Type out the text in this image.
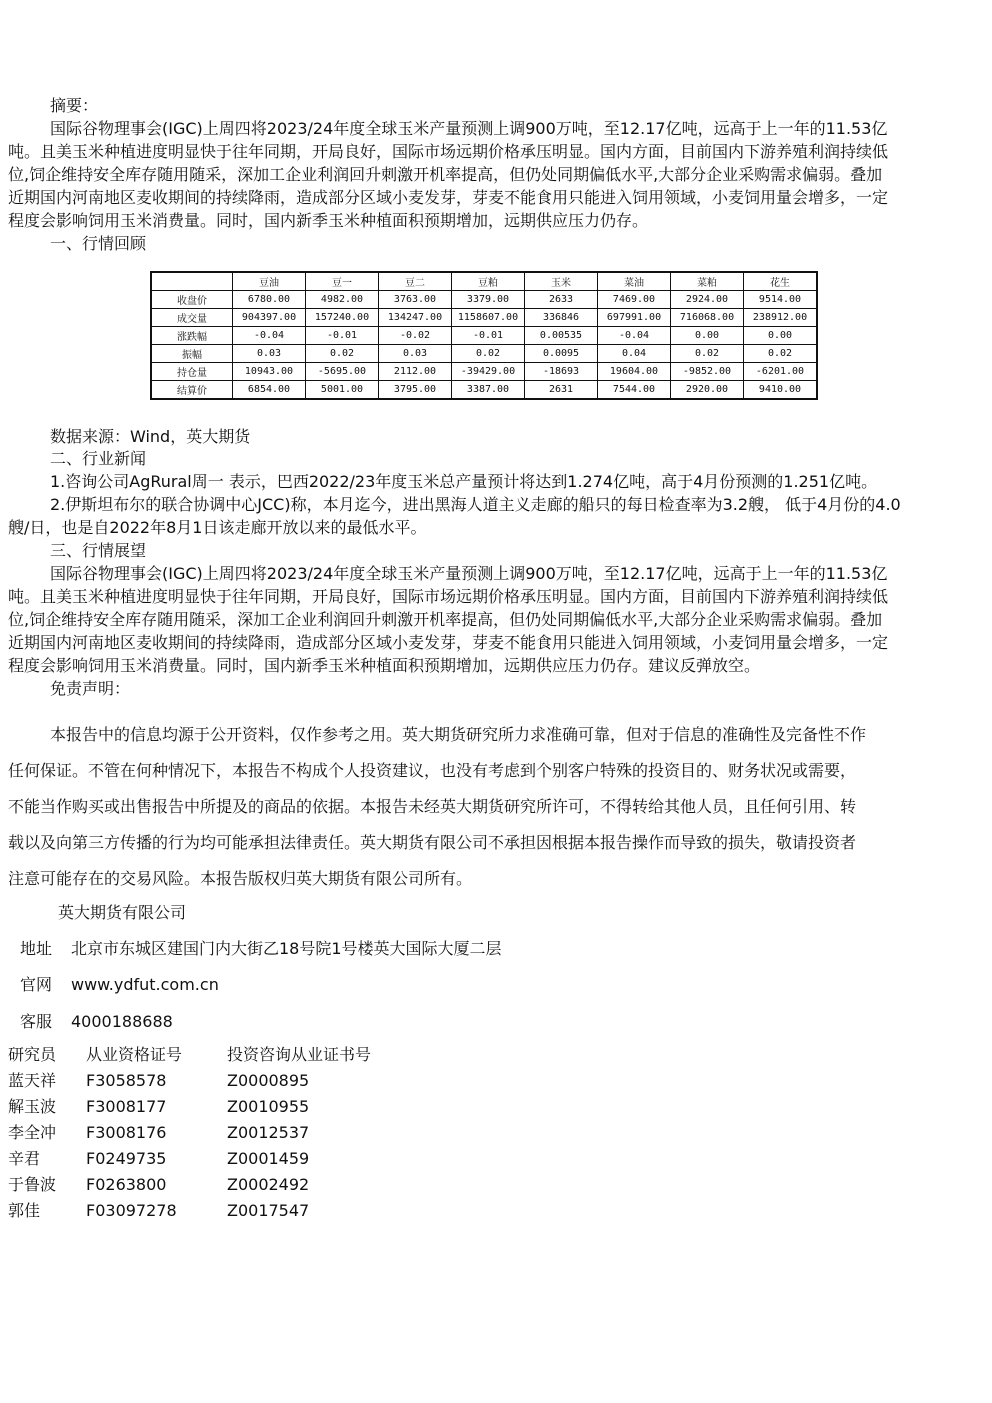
摘要：
国际谷物理事会(IGC)上周四将2023/24年度全球玉米产量预测上调900万吨，至12.17亿吨，远高于上一年的11.53亿
吨。且美玉米种植进度明显快于往年同期，开局良好，国际市场远期价格承压明显。国内方面，目前国内下游养殖利润持续低
位,饲企维持安全库存随用随采，深加工企业利润回升刺激开机率提高，但仍处同期偏低水平,大部分企业采购需求偏弱。叠加
近期国内河南地区麦收期间的持续降雨，造成部分区域小麦发芽，芽麦不能食用只能进入饲用领域，小麦饲用量会增多，一定
程度会影响饲用玉米消费量。同时，国内新季玉米种植面积预期增加，远期供应压力仍存。
一、行情回顾
	豆油	豆一	豆二	豆粕	玉米	菜油	菜粕	花生
收盘价	6780.00	4982.00	3763.00	3379.00	2633	7469.00	2924.00	9514.00
成交量	904397.00	157240.00	134247.00	1158607.00	336846	697991.00	716068.00	238912.00
涨跌幅	-0.04	-0.01	-0.02	-0.01	0.00535	-0.04	0.00	0.00
振幅	0.03	0.02	0.03	0.02	0.0095	0.04	0.02	0.02
持仓量	10943.00	-5695.00	2112.00	-39429.00	-18693	19604.00	-9852.00	-6201.00
结算价	6854.00	5001.00	3795.00	3387.00	2631	7544.00	2920.00	9410.00
数据来源：Wind，英大期货
二、行业新闻
1.咨询公司AgRural周一 表示，巴西2022/23年度玉米总产量预计将达到1.274亿吨，高于4月份预测的1.251亿吨。
2.伊斯坦布尔的联合协调中心JCC)称，本月迄今，进出黑海人道主义走廊的船只的每日检查率为3.2艘， 低于4月份的4.0
艘/日，也是自2022年8月1日该走廊开放以来的最低水平。
三、行情展望
国际谷物理事会(IGC)上周四将2023/24年度全球玉米产量预测上调900万吨，至12.17亿吨，远高于上一年的11.53亿
吨。且美玉米种植进度明显快于往年同期，开局良好，国际市场远期价格承压明显。国内方面，目前国内下游养殖利润持续低
位,饲企维持安全库存随用随采，深加工企业利润回升刺激开机率提高，但仍处同期偏低水平,大部分企业采购需求偏弱。叠加
近期国内河南地区麦收期间的持续降雨，造成部分区域小麦发芽，芽麦不能食用只能进入饲用领域，小麦饲用量会增多，一定
程度会影响饲用玉米消费量。同时，国内新季玉米种植面积预期增加，远期供应压力仍存。建议反弹放空。
免责声明：
本报告中的信息均源于公开资料，仅作参考之用。英大期货研究所力求准确可靠，但对于信息的准确性及完备性不作
任何保证。不管在何种情况下，本报告不构成个人投资建议，也没有考虑到个别客户特殊的投资目的、财务状况或需要，
不能当作购买或出售报告中所提及的商品的依据。本报告未经英大期货研究所许可，不得转给其他人员，且任何引用、转
载以及向第三方传播的行为均可能承担法律责任。英大期货有限公司不承担因根据本报告操作而导致的损失，敬请投资者
注意可能存在的交易风险。本报告版权归英大期货有限公司所有。
英大期货有限公司
地址 北京市东城区建国门内大街乙18号院1号楼英大国际大厦二层
官网 www.ydfut.com.cn
客服 4000188688
研究员 从业资格证号	投资咨询从业证书号
蓝天祥 F3058578	Z0000895
解玉波 F3008177	Z0010955
李全冲 F3008176	Z0012537
辛君	F0249735	Z0001459
于鲁波 F0263800	Z0002492
郭佳	F03097278	Z0017547
